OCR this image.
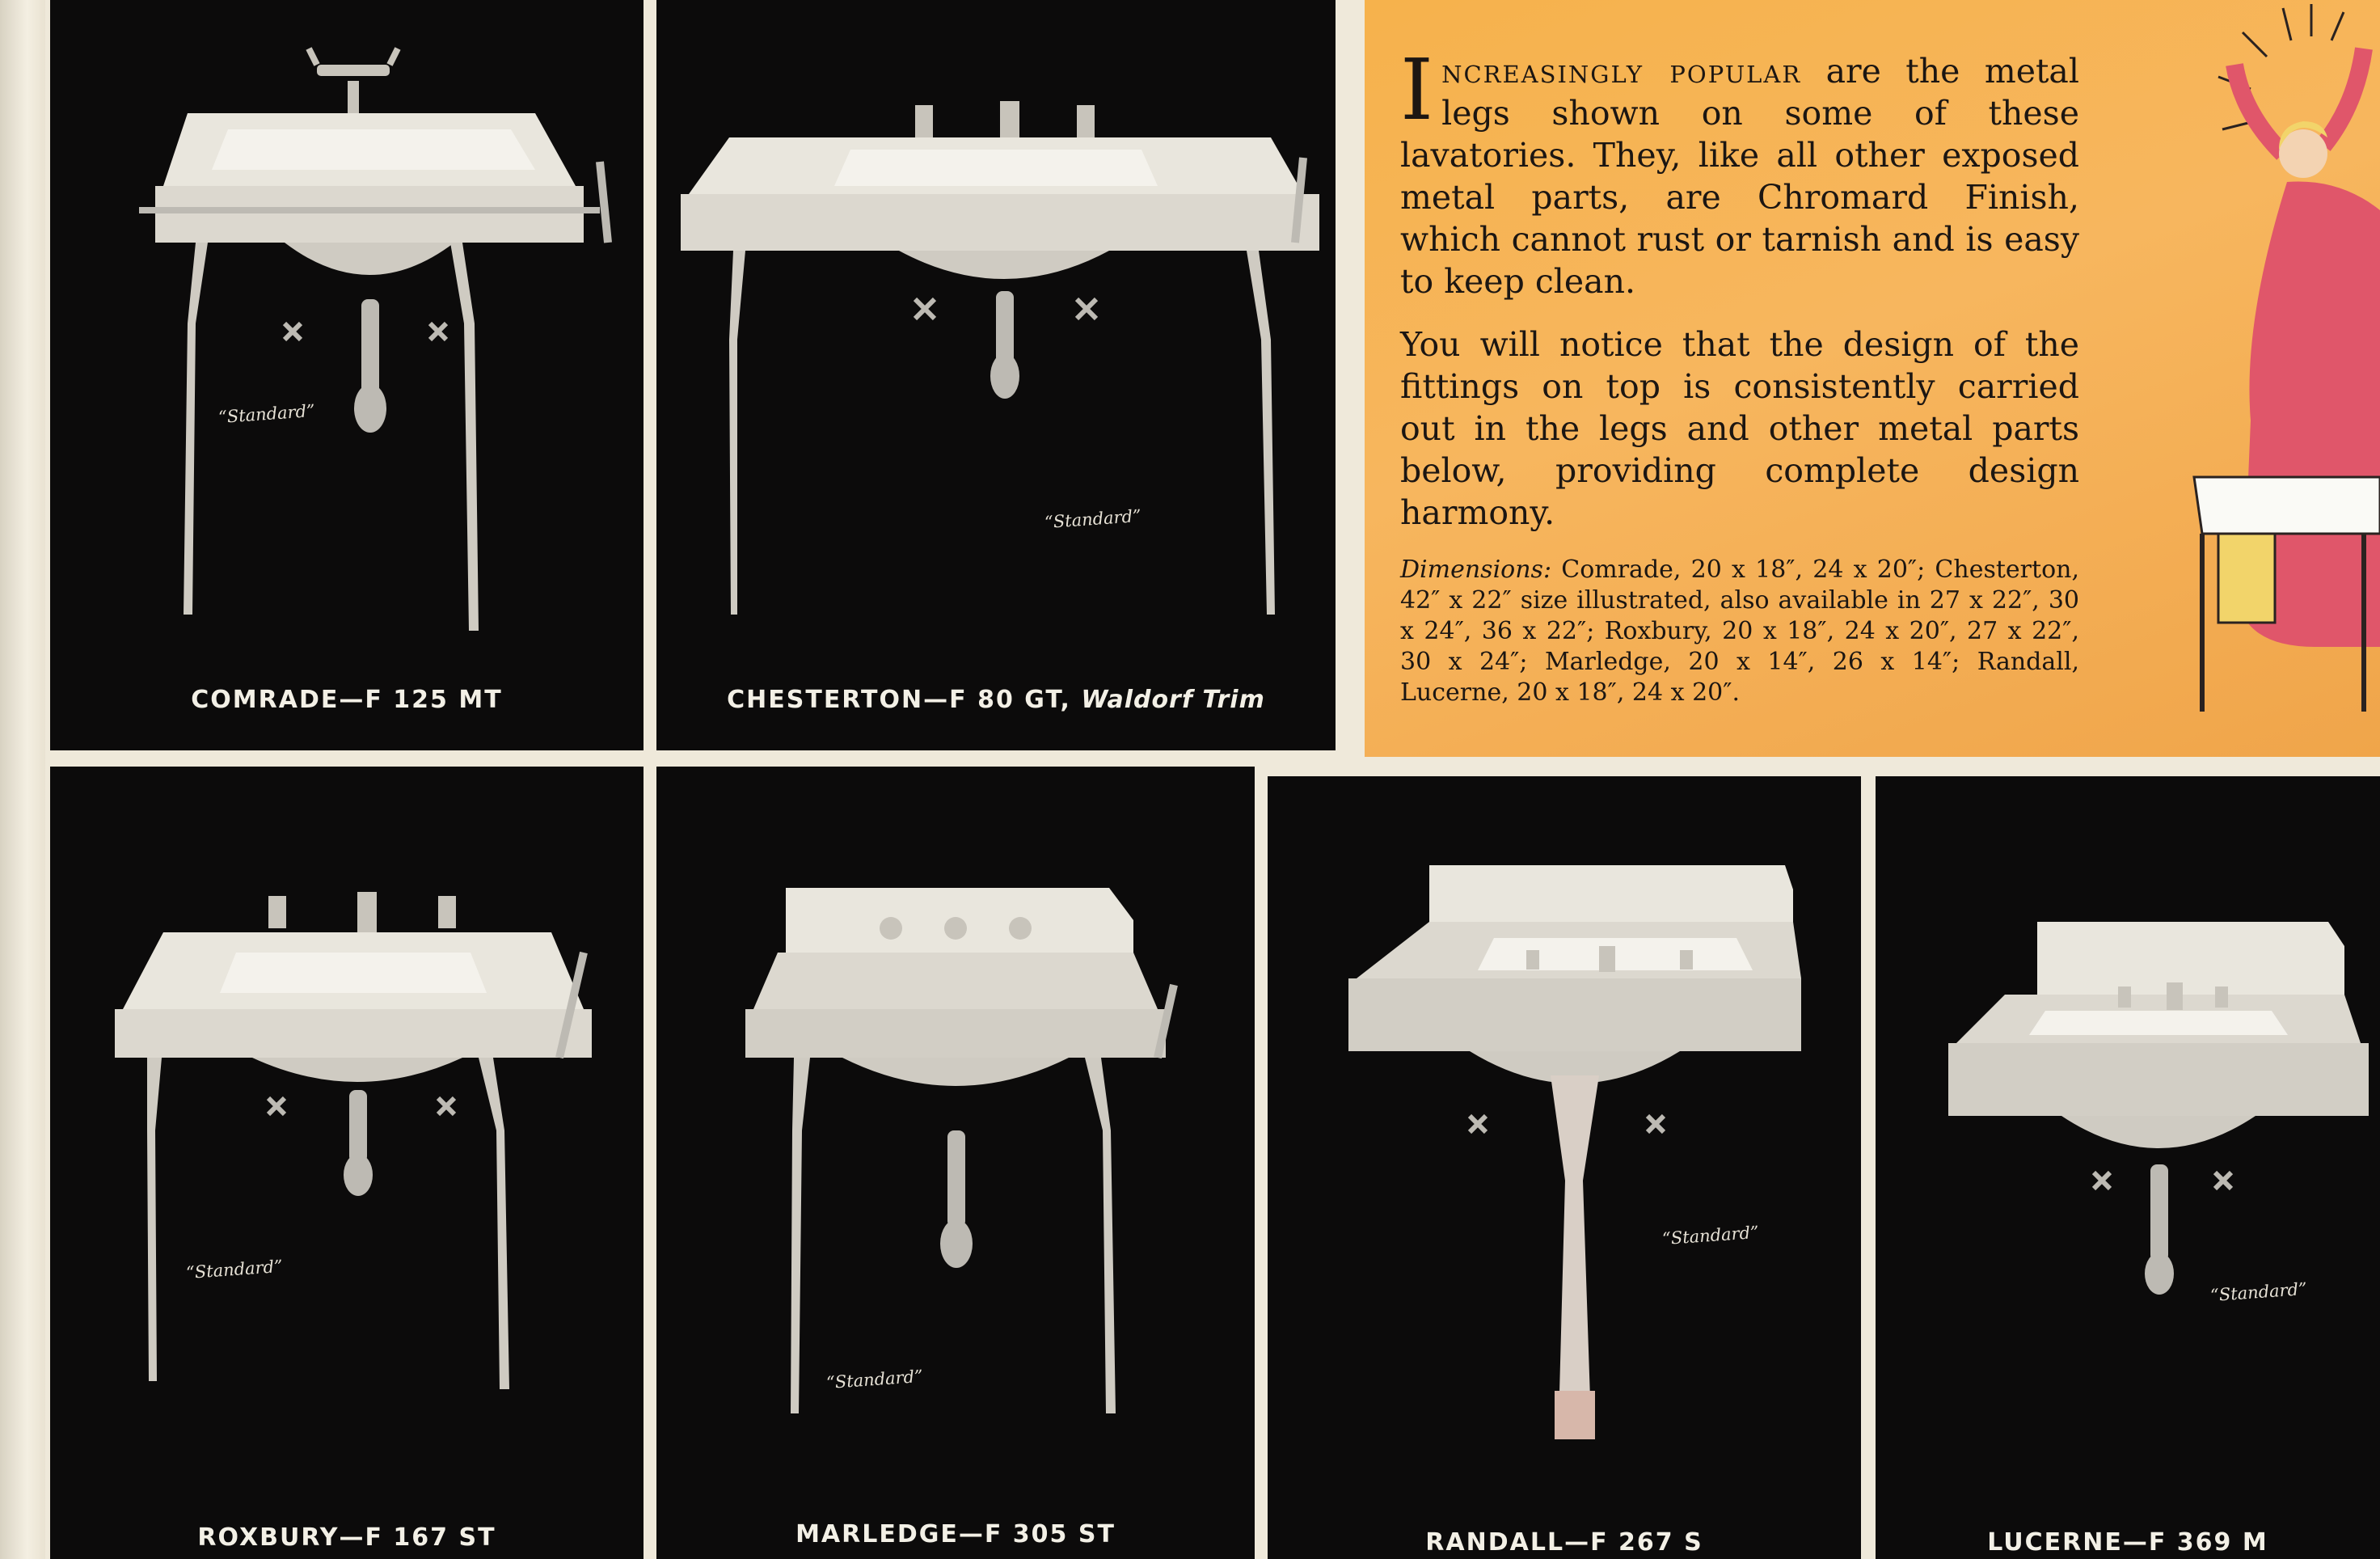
“Standard”
COMRADE—F 125 MT
“Standard”
CHESTERTON—F 80 GT, Waldorf Trim

Increasingly popular are the metal legs shown on some of these lavatories. They, like all other exposed metal parts, are Chromard Finish, which cannot rust or tarnish and is easy to keep clean.

You will notice that the design of the fittings on top is consistently carried out in the legs and other metal parts below, providing complete design harmony.

Dimensions: Comrade, 20 x 18″, 24 x 20″; Chesterton, 42″ x 22″ size illustrated, also available in 27 x 22″, 30 x 24″, 36 x 22″; Roxbury, 20 x 18″, 24 x 20″, 27 x 22″, 30 x 24″; Marledge, 20 x 14″, 26 x 14″; Randall, Lucerne, 20 x 18″, 24 x 20″.

“Standard”
ROXBURY—F 167 ST
“Standard”
MARLEDGE—F 305 ST
“Standard”
RANDALL—F 267 S
“Standard”
LUCERNE—F 369 M
